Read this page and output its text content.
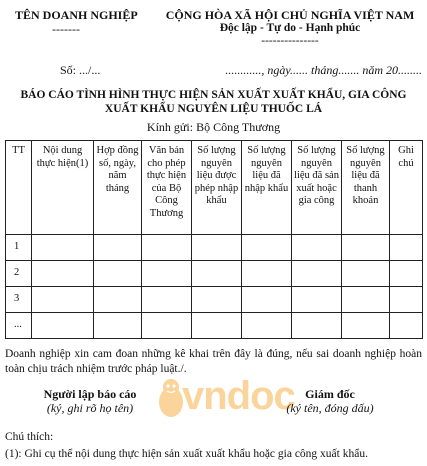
TÊN DOANH NGHIỆP
-------
CỘNG HÒA XÃ HỘI CHỦ NGHĨA VIỆT NAM
Độc lập - Tự do - Hạnh phúc
---------------
Số: .../...	............, ngày...... tháng....... năm 20........
BÁO CÁO TÌNH HÌNH THỰC HIỆN SẢN XUẤT XUẤT KHẨU, GIA CÔNG
XUẤT KHẨU NGUYÊN LIỆU THUỐC LÁ
Kính gửi: Bộ Công Thương
TT	Nội dung thực hiện(1)	Hợp đồng số, ngày, năm tháng	Văn bản cho phép thực hiện của Bộ Công Thương	Số lượng nguyên liệu được phép nhập khẩu	Số lượng nguyên liệu đã nhập khẩu	Số lượng nguyên liệu đã sản xuất hoặc gia công	Số lượng nguyên liệu đã thanh khoản	Ghi chú
1								
2								
3								
...								
Doanh nghiệp xin cam đoan những kê khai trên đây là đúng, nếu sai doanh nghiệp hoàn toàn chịu trách nhiệm trước pháp luật./.
vndoc
Người lập báo cáo
(ký, ghi rõ họ tên)
Giám đốc
(ký tên, đóng dấu)
Chú thích:
(1): Ghi cụ thể nội dung thực hiện sản xuất xuất khẩu hoặc gia công xuất khẩu.
